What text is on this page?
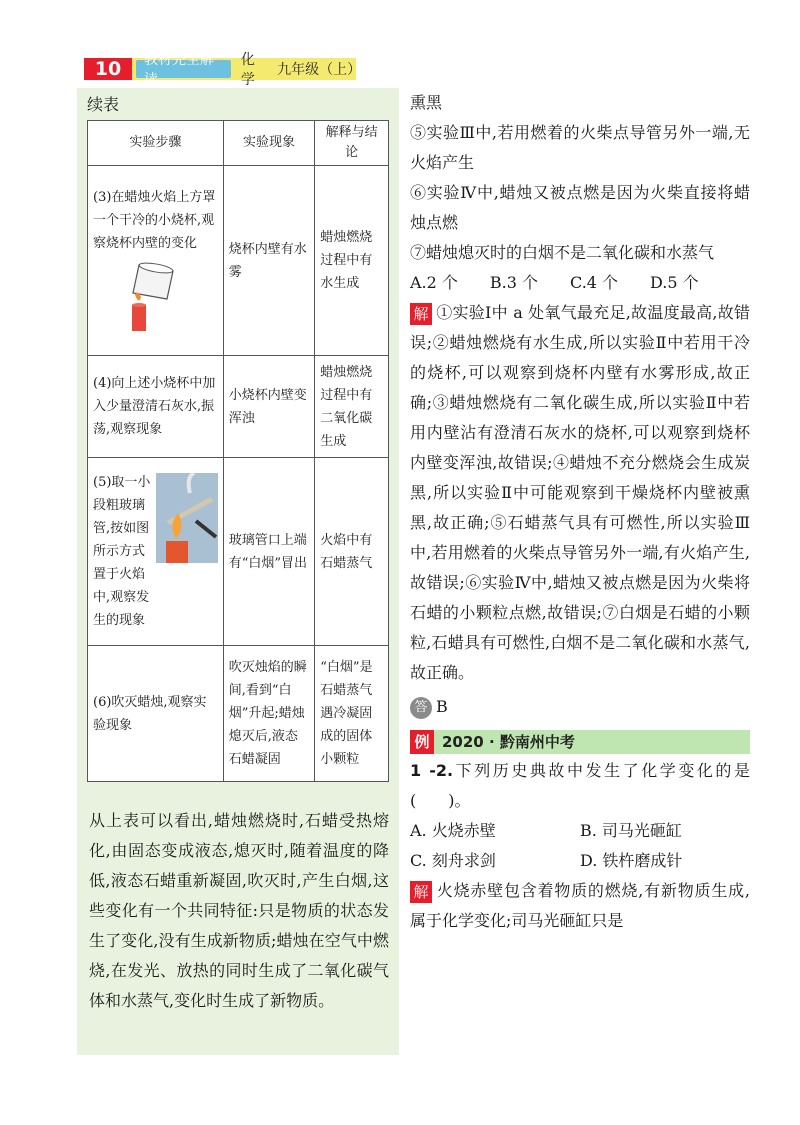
10	教材完全解读
化学
九年级（上）
续表
实验步骤	实验现象	解释与结论

(3)在蜡烛火焰上方罩一个干冷的小烧杯,观察烧杯内壁的变化	烧杯内壁有水雾	蜡烛燃烧过程中有水生成
(4)向上述小烧杯中加入少量澄清石灰水,振荡,观察现象	小烧杯内壁变浑浊	蜡烛燃烧过程中有二氧化碳生成

(5)取一小段粗玻璃管,按如图所示方式置于火焰中,观察发生的现象	玻璃管口上端有“白烟”冒出	火焰中有石蜡蒸气
(6)吹灭蜡烛,观察实验现象	吹灭烛焰的瞬间,看到“白烟”升起;蜡烛熄灭后,液态石蜡凝固	“白烟”是石蜡蒸气遇冷凝固成的固体小颗粒
从上表可以看出,蜡烛燃烧时,石蜡受热熔化,由固态变成液态,熄灭时,随着温度的降低,液态石蜡重新凝固,吹灭时,产生白烟,这些变化有一个共同特征:只是物质的状态发生了变化,没有生成新物质;蜡烛在空气中燃烧,在发光、放热的同时生成了二氧化碳气体和水蒸气,变化时生成了新物质。

熏黑

⑤实验Ⅲ中,若用燃着的火柴点导管另外一端,无火焰产生

⑥实验Ⅳ中,蜡烛又被点燃是因为火柴直接将蜡烛点燃

⑦蜡烛熄灭时的白烟不是二氧化碳和水蒸气

A.2 个　　B.3 个　　C.4 个　　D.5 个

解 ①实验Ⅰ中 a 处氧气最充足,故温度最高,故错误;②蜡烛燃烧有水生成,所以实验Ⅱ中若用干冷的烧杯,可以观察到烧杯内壁有水雾形成,故正确;③蜡烛燃烧有二氧化碳生成,所以实验Ⅱ中若用内壁沾有澄清石灰水的烧杯,可以观察到烧杯内壁变浑浊,故错误;④蜡烛不充分燃烧会生成炭黑,所以实验Ⅱ中可能观察到干燥烧杯内壁被熏黑,故正确;⑤石蜡蒸气具有可燃性,所以实验Ⅲ中,若用燃着的火柴点导管另外一端,有火焰产生,故错误;⑥实验Ⅳ中,蜡烛又被点燃是因为火柴将石蜡的小颗粒点燃,故错误;⑦白烟是石蜡的小颗粒,石蜡具有可燃性,白烟不是二氧化碳和水蒸气,故正确。

答 B

例 2020 · 黔南州中考

1 -2.下列历史典故中发生了化学变化的是(　　)。

A. 火烧赤壁	B. 司马光砸缸
C. 刻舟求剑	D. 铁杵磨成针

解 火烧赤壁包含着物质的燃烧,有新物质生成,属于化学变化;司马光砸缸只是
